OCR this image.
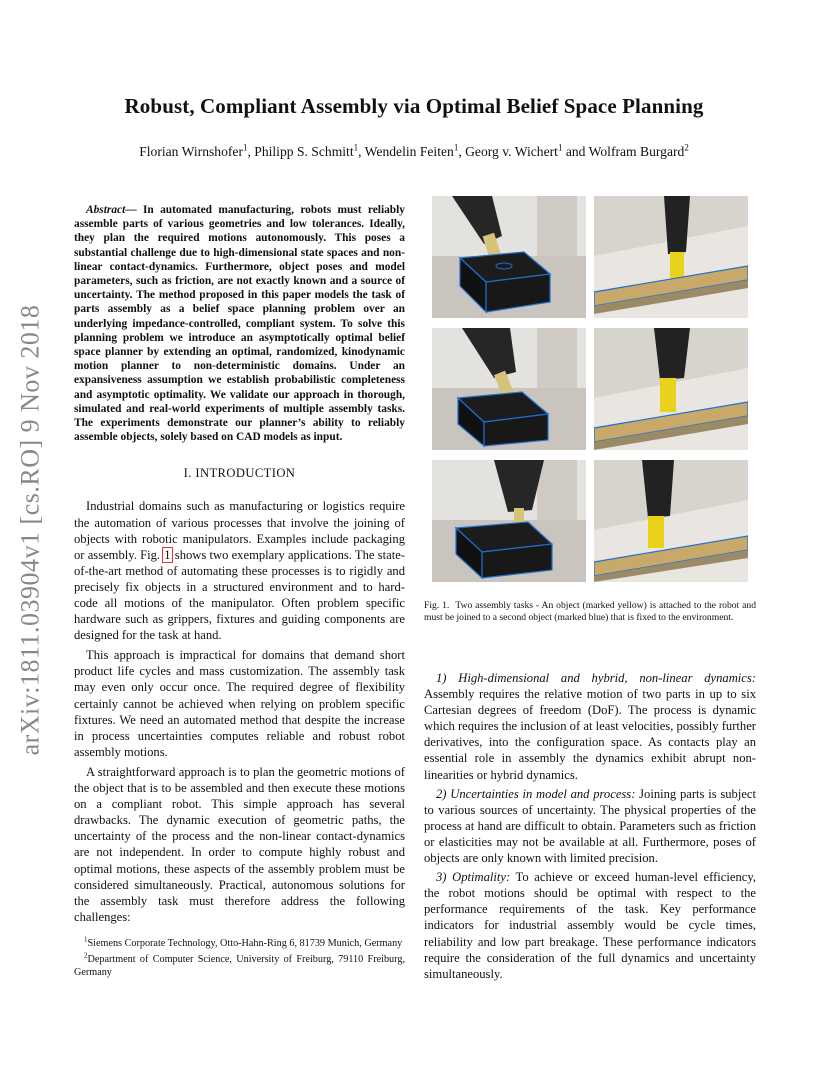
arXiv:1811.03904v1 [cs.RO] 9 Nov 2018
Robust, Compliant Assembly via Optimal Belief Space Planning
Florian Wirnshofer$^1$, Philipp S. Schmitt$^1$, Wendelin Feiten$^1$, Georg v. Wichert$^1$ and Wolfram Burgard$^2$

Abstract— In automated manufacturing, robots must reliably assemble parts of various geometries and low tolerances. Ideally, they plan the required motions autonomously. This poses a substantial challenge due to high-dimensional state spaces and non-linear contact-dynamics. Furthermore, object poses and model parameters, such as friction, are not exactly known and a source of uncertainty. The method proposed in this paper models the task of parts assembly as a belief space planning problem over an underlying impedance-controlled, compliant system. To solve this planning problem we introduce an asymptotically optimal belief space planner by extending an optimal, randomized, kinodynamic motion planner to non-deterministic domains. Under an expansiveness assumption we establish probabilistic completeness and asymptotic optimality. We validate our approach in thorough, simulated and real-world experiments of multiple assembly tasks. The experiments demonstrate our planner’s ability to reliably assemble objects, solely based on CAD models as input.

I. INTRODUCTION

Industrial domains such as manufacturing or logistics require the automation of various processes that involve the joining of objects with robotic manipulators. Examples include packaging or assembly. Fig. 1 shows two exemplary applications. The state-of-the-art method of automating these processes is to rigidly and precisely fix objects in a structured environment and to hard-code all motions of the manipulator. Often problem specific hardware such as grippers, fixtures and guiding components are designed for the task at hand.

This approach is impractical for domains that demand short product life cycles and mass customization. The assembly task may even only occur once. The required degree of flexibility certainly cannot be achieved when relying on problem specific fixtures. We need an automated method that despite the increase in process uncertainties computes reliable and robust robot assembly motions.

A straightforward approach is to plan the geometric motions of the object that is to be assembled and then execute these motions on a compliant robot. This simple approach has several drawbacks. The dynamic execution of geometric paths, the uncertainty of the process and the non-linear contact-dynamics are not independent. In order to compute highly robust and optimal motions, these aspects of the assembly problem must be considered simultaneously. Practical, autonomous solutions for the assembly task must therefore address the following challenges:

$^1$Siemens Corporate Technology, Otto-Hahn-Ring 6, 81739 Munich, Germany
$^2$Department of Computer Science, University of Freiburg, 79110 Freiburg, Germany
Fig. 1. Two assembly tasks - An object (marked yellow) is attached to the robot and must be joined to a second object (marked blue) that is fixed to the environment.

1) High-dimensional and hybrid, non-linear dynamics: Assembly requires the relative motion of two parts in up to six Cartesian degrees of freedom (DoF). The process is dynamic which requires the inclusion of at least velocities, possibly further derivatives, into the configuration space. As contacts play an essential role in assembly the dynamics exhibit abrupt non-linearities or hybrid dynamics.

2) Uncertainties in model and process: Joining parts is subject to various sources of uncertainty. The physical properties of the process at hand are difficult to obtain. Parameters such as friction or elasticities may not be available at all. Furthermore, poses of objects are only known with limited precision.

3) Optimality: To achieve or exceed human-level efficiency, the robot motions should be optimal with respect to the performance requirements of the task. Key performance indicators for industrial assembly would be cycle times, reliability and low part breakage. These performance indicators require the consideration of the full dynamics and uncertainty simultaneously.
